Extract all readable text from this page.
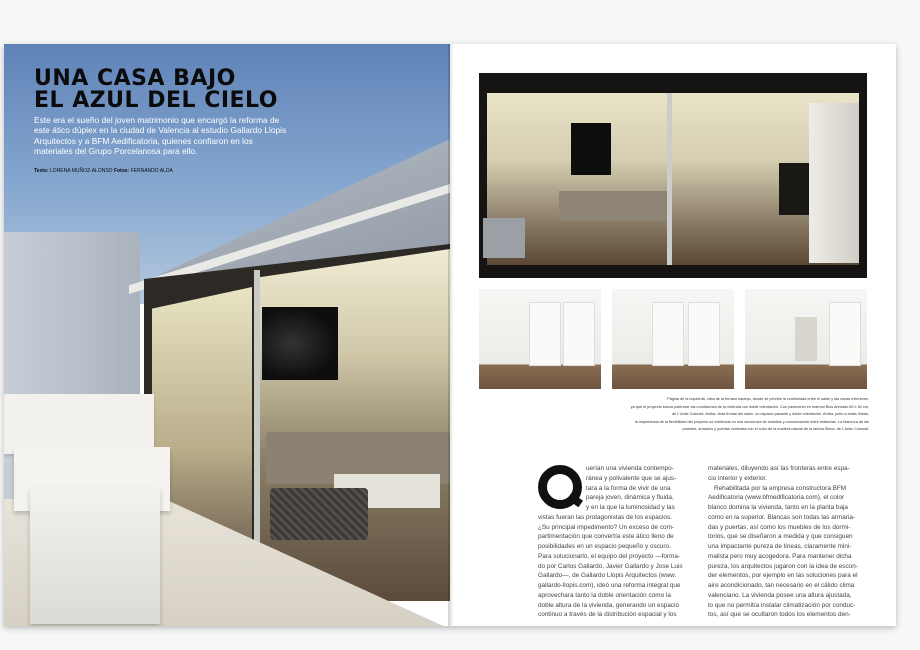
UNA CASA BAJO
EL AZUL DEL CIELO

Este era el sueño del joven matrimonio que encargó la reforma de este ático dúplex en la ciudad de Valencia al estudio Gallardo Llopis Arquitectos y a BFM Aedificatoria, quienes confiaron en los materiales del Grupo Porcelanosa para ello.

Texto: LORENA MUÑOZ-ALONSO Fotos: FERNANDO ALDA

Página de la izquierda, vista de la terraza naranjo, donde se percibe la continuidad entre el salón y las zonas exteriores,
ya que el proyecto busca potenciar las condiciones de la vivienda con doble orientación. Con pavimento en mármol Bios Arenado 60 x 60 cm,
de L'Antic Colonial. Arriba, vista frontal del salón, un espacio pasante y doble orientación. Arriba, junto a estas líneas,
la importancia de la flexibilidad del proyecto se evidencia en una secuencia de estudios y comunicación entre estancias. La blancura de las
paredes, armarios y puertas contrasta con el color de la madera natural de la tarima Siena, de L'Antic Colonial.

uerían una vivienda contempo-
ránea y polivalente que se ajus-
tara a la forma de vivir de una
pareja joven, dinámica y fluida,
y en la que la luminosidad y las
vistas fueran las protagonistas de los espacios.
¿Su principal impedimento? Un exceso de com-
partimentación que convertía este ático lleno de
posibilidades en un espacio pequeño y oscuro.
Para solucionarlo, el equipo del proyecto —forma-
do por Carlos Gallardo, Javier Gallardo y Jose Luis
Gallardo—, de Gallardo Llopis Arquitectos (www.
gallardo-llopis.com), ideó una reforma integral que
aprovechara tanto la doble orientación como la
doble altura de la vivienda, generando un espacio
continuo a través de la distribución espacial y los

materiales, diluyendo así las fronteras entre espa-
cio interior y exterior.
Rehabilitada por la empresa constructora BFM
Aedificatoria (www.bfmedificatoria.com), el color
blanco domina la vivienda, tanto en la planta baja
como en la superior. Blancas son todas las armaria-
das y puertas, así como los muebles de los dormi-
torios, que se diseñaron a medida y que consiguen
una impactante pureza de líneas, claramente mini-
malista pero muy acogedora. Para mantener dicha
pureza, los arquitectos jugaron con la idea de escon-
der elementos, por ejemplo en las soluciones para el
aire acondicionado, tan necesario en el cálido clima
valenciano. La vivienda posee una altura ajustada,
lo que no permitía instalar climatización por conduc-
tos, así que se ocultaron todos los elementos den-
